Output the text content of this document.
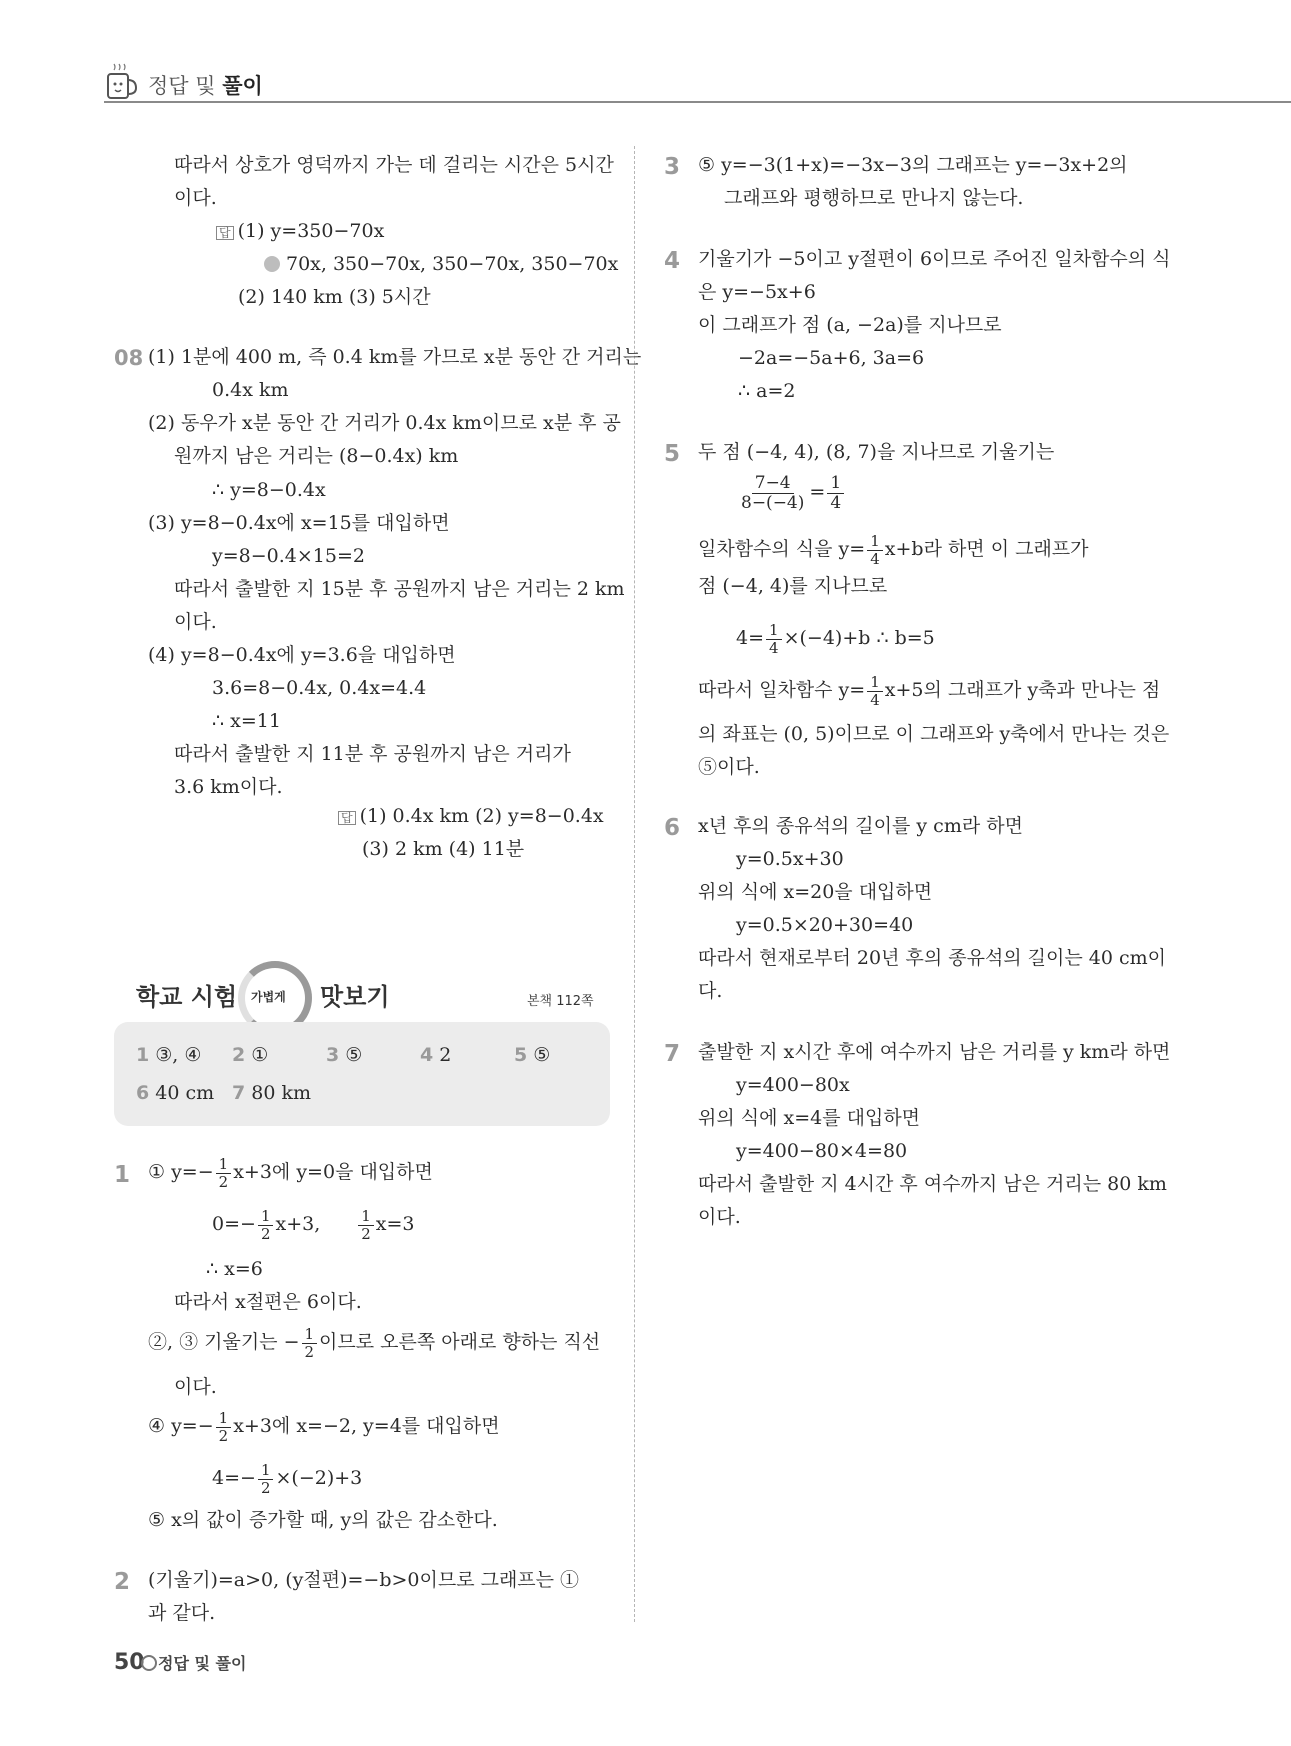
정답 및 풀이
따라서 상호가 영덕까지 가는 데 걸리는 시간은 5시간
이다.
답 (1) y=350−70x
70x, 350−70x, 350−70x, 350−70x
(2) 140 km (3) 5시간
08 (1) 1분에 400 m, 즉 0.4 km를 가므로 x분 동안 간 거리는
0.4x km
(2) 동우가 x분 동안 간 거리가 0.4x km이므로 x분 후 공
원까지 남은 거리는 (8−0.4x) km
∴ y=8−0.4x
(3) y=8−0.4x에 x=15를 대입하면
y=8−0.4×15=2
따라서 출발한 지 15분 후 공원까지 남은 거리는 2 km
이다.
(4) y=8−0.4x에 y=3.6을 대입하면
3.6=8−0.4x, 0.4x=4.4
∴ x=11
따라서 출발한 지 11분 후 공원까지 남은 거리가
3.6 km이다.
답 (1) 0.4x km (2) y=8−0.4x
(3) 2 km (4) 11분
학교 시험 가볍게 맛보기	본책 112쪽
1 ③, ④ 2 ①	3 ⑤	4 2	5 ⑤
6 40 cm 7 80 km
1 ① $y=- \frac{1}{2} x+3$에 y=0을 대입하면
$0=- \frac{1}{2} x+3$,	$\frac{1}{2} x=3$
∴ x=6
따라서 x절편은 6이다.
②, ③ 기울기는 − $\frac{1}{2}$ 이므로 오른쪽 아래로 향하는 직선
이다.
④ $y=- \frac{1}{2} x+3$에 x=−2, y=4를 대입하면
$4=- \frac{1}{2} \times(-2)+3$
⑤ x의 값이 증가할 때, y의 값은 감소한다.
2 (기울기)=a>0, (y절편)=−b>0이므로 그래프는 ①
과 같다.
3 ⑤ y=−3(1+x)=−3x−3의 그래프는 y=−3x+2의
그래프와 평행하므로 만나지 않는다.
4 기울기가 −5이고 y절편이 6이므로 주어진 일차함수의 식
은 y=−5x+6
이 그래프가 점 (a, −2a)를 지나므로
−2a=−5a+6, 3a=6
∴ a=2
5 두 점 (−4, 4), (8, 7)을 지나므로 기울기는
$\frac{7-4}{8-(-4)} = \frac{1}{4}$
일차함수의 식을 $y= \frac{1}{4} x+b$라 하면 이 그래프가
점 (−4, 4)를 지나므로
$4= \frac{1}{4} \times(-4)+b$ ∴ b=5
따라서 일차함수 $y= \frac{1}{4} x+5$의 그래프가 y축과 만나는 점
의 좌표는 (0, 5)이므로 이 그래프와 y축에서 만나는 것은
⑤이다.
6 x년 후의 종유석의 길이를 y cm라 하면
y=0.5x+30
위의 식에 x=20을 대입하면
y=0.5×20+30=40
따라서 현재로부터 20년 후의 종유석의 길이는 40 cm이
다.
7 출발한 지 x시간 후에 여수까지 남은 거리를 y km라 하면
y=400−80x
위의 식에 x=4를 대입하면
y=400−80×4=80
따라서 출발한 지 4시간 후 여수까지 남은 거리는 80 km
이다.
50 정답 및 풀이
